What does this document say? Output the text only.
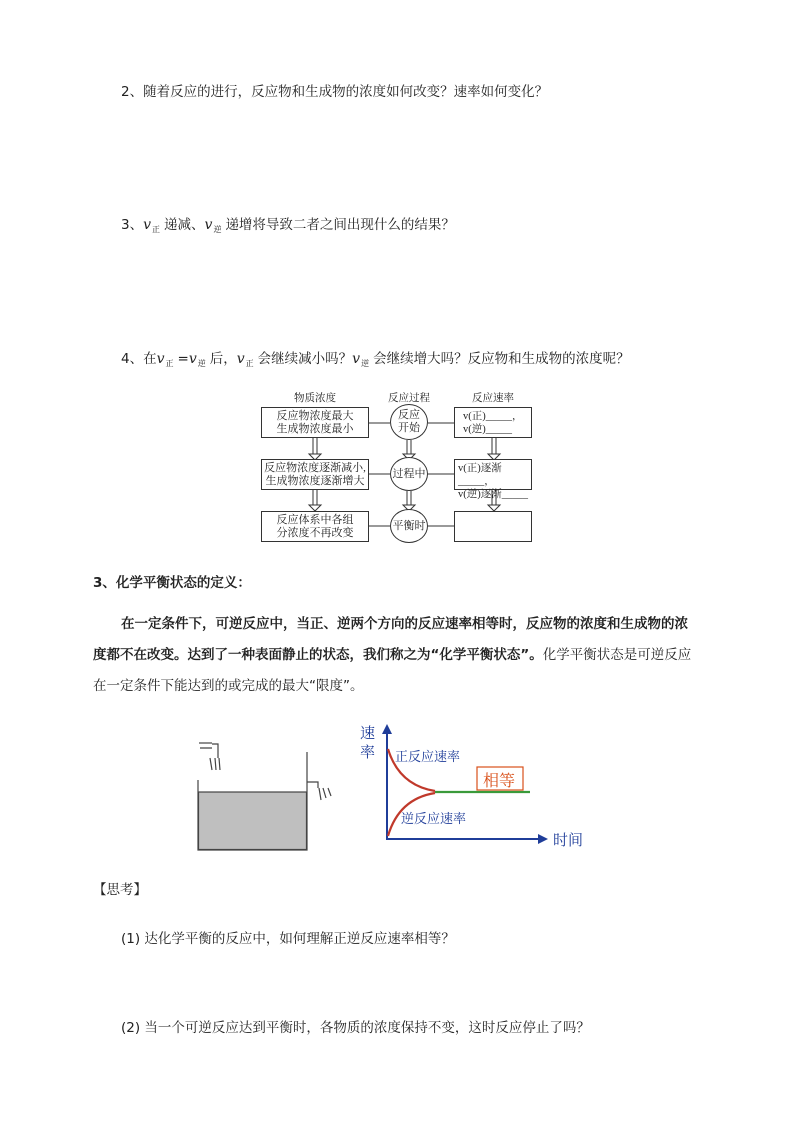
2、随着反应的进行，反应物和生成物的浓度如何改变？速率如何变化？
3、$v_正$ 递减、$v_逆$ 递增将导致二者之间出现什么的结果？
4、在$v_正 =v_逆$ 后，$v_正$ 会继续减小吗？$v_逆$ 会继续增大吗？反应物和生成物的浓度呢？
物质浓度	反应过程	反应速率
反应物浓度最大
生成物浓度最小
反应物浓度逐渐减小,
生成物浓度逐渐增大
反应体系中各组
分浓度不再改变
反应
开始
过程中
平衡时
v(正)_____，
v(逆)_____
v(正)逐渐_____，
v(逆)逐渐_____
3、化学平衡状态的定义：
在一定条件下，可逆反应中，当正、逆两个方向的反应速率相等时，反应物的浓度和生成物的浓度都不在改变。达到了一种表面静止的状态，我们称之为“化学平衡状态”。化学平衡状态是可逆反应在一定条件下能达到的或完成的最大“限度”。
速
率 正反应速率
逆反应速率
相等
时间
【思考】
(1) 达化学平衡的反应中，如何理解正逆反应速率相等？
(2) 当一个可逆反应达到平衡时，各物质的浓度保持不变，这时反应停止了吗？
